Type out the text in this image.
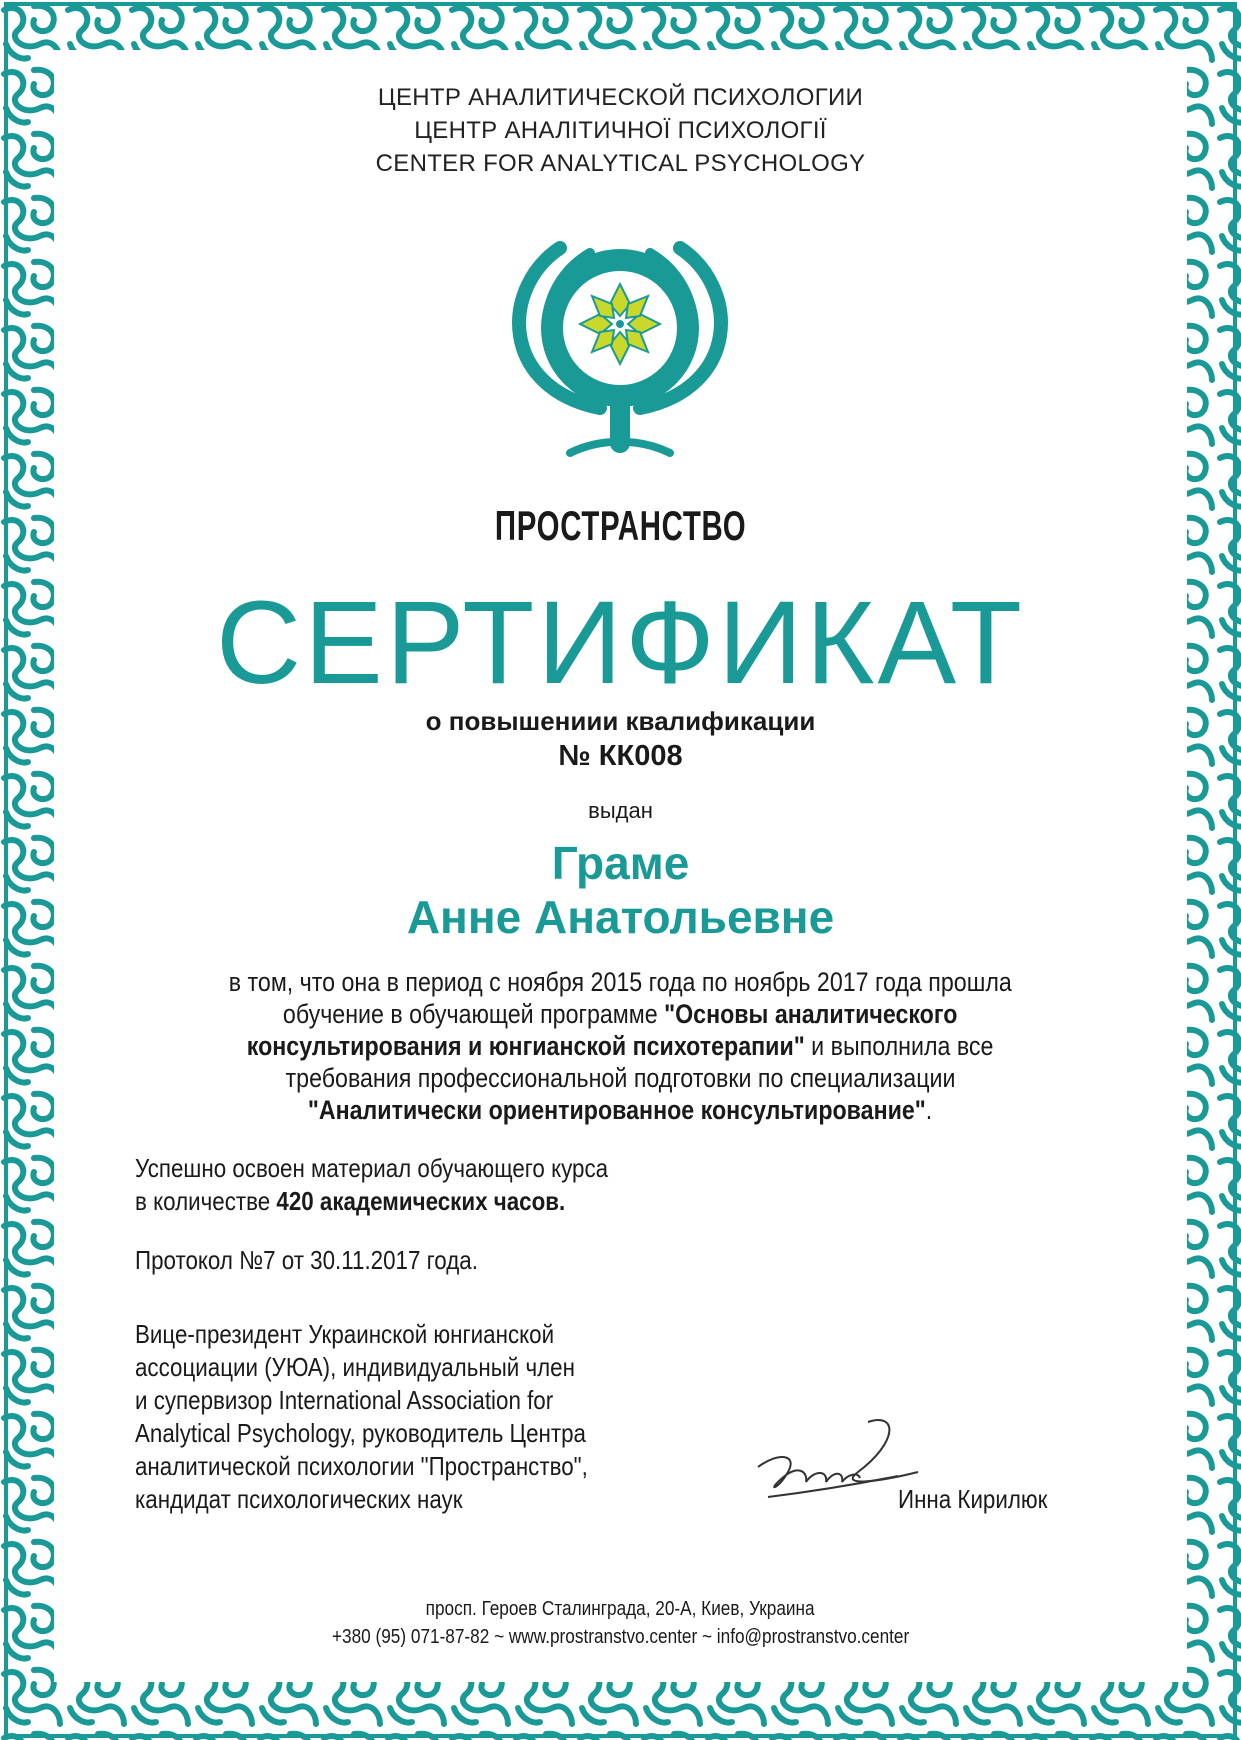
ЦЕНТР АНАЛИТИЧЕСКОЙ ПСИХОЛОГИИ
ЦЕНТР АНАЛІТИЧНОЇ ПСИХОЛОГІЇ
CENTER FOR ANALYTICAL PSYCHOLOGY
ПРОСТРАНСТВО
СЕРТИФИКАТ
о повышениии квалификации
№ КК008
выдан
Граме
Анне Анатольевне
в том, что она в период с ноября 2015 года по ноябрь 2017 года прошла
обучение в обучающей программе "Основы аналитического
консультирования и юнгианской психотерапии" и выполнила все
требования профессиональной подготовки по специализации
"Аналитически ориентированное консультирование".
Успешно освоен материал обучающего курса
в количестве 420 академических часов.
Протокол №7 от 30.11.2017 года.
Вице-президент Украинской юнгианской
ассоциации (УЮА), индивидуальный член
и супервизор International Association for
Analytical Psychology, руководитель Центра
аналитической психологии "Пространство",
кандидат психологических наук	Инна Кирилюк
просп. Героев Сталинграда, 20-А, Киев, Украина
+380 (95) 071-87-82 ~ www.prostranstvo.center ~ info@prostranstvo.center
